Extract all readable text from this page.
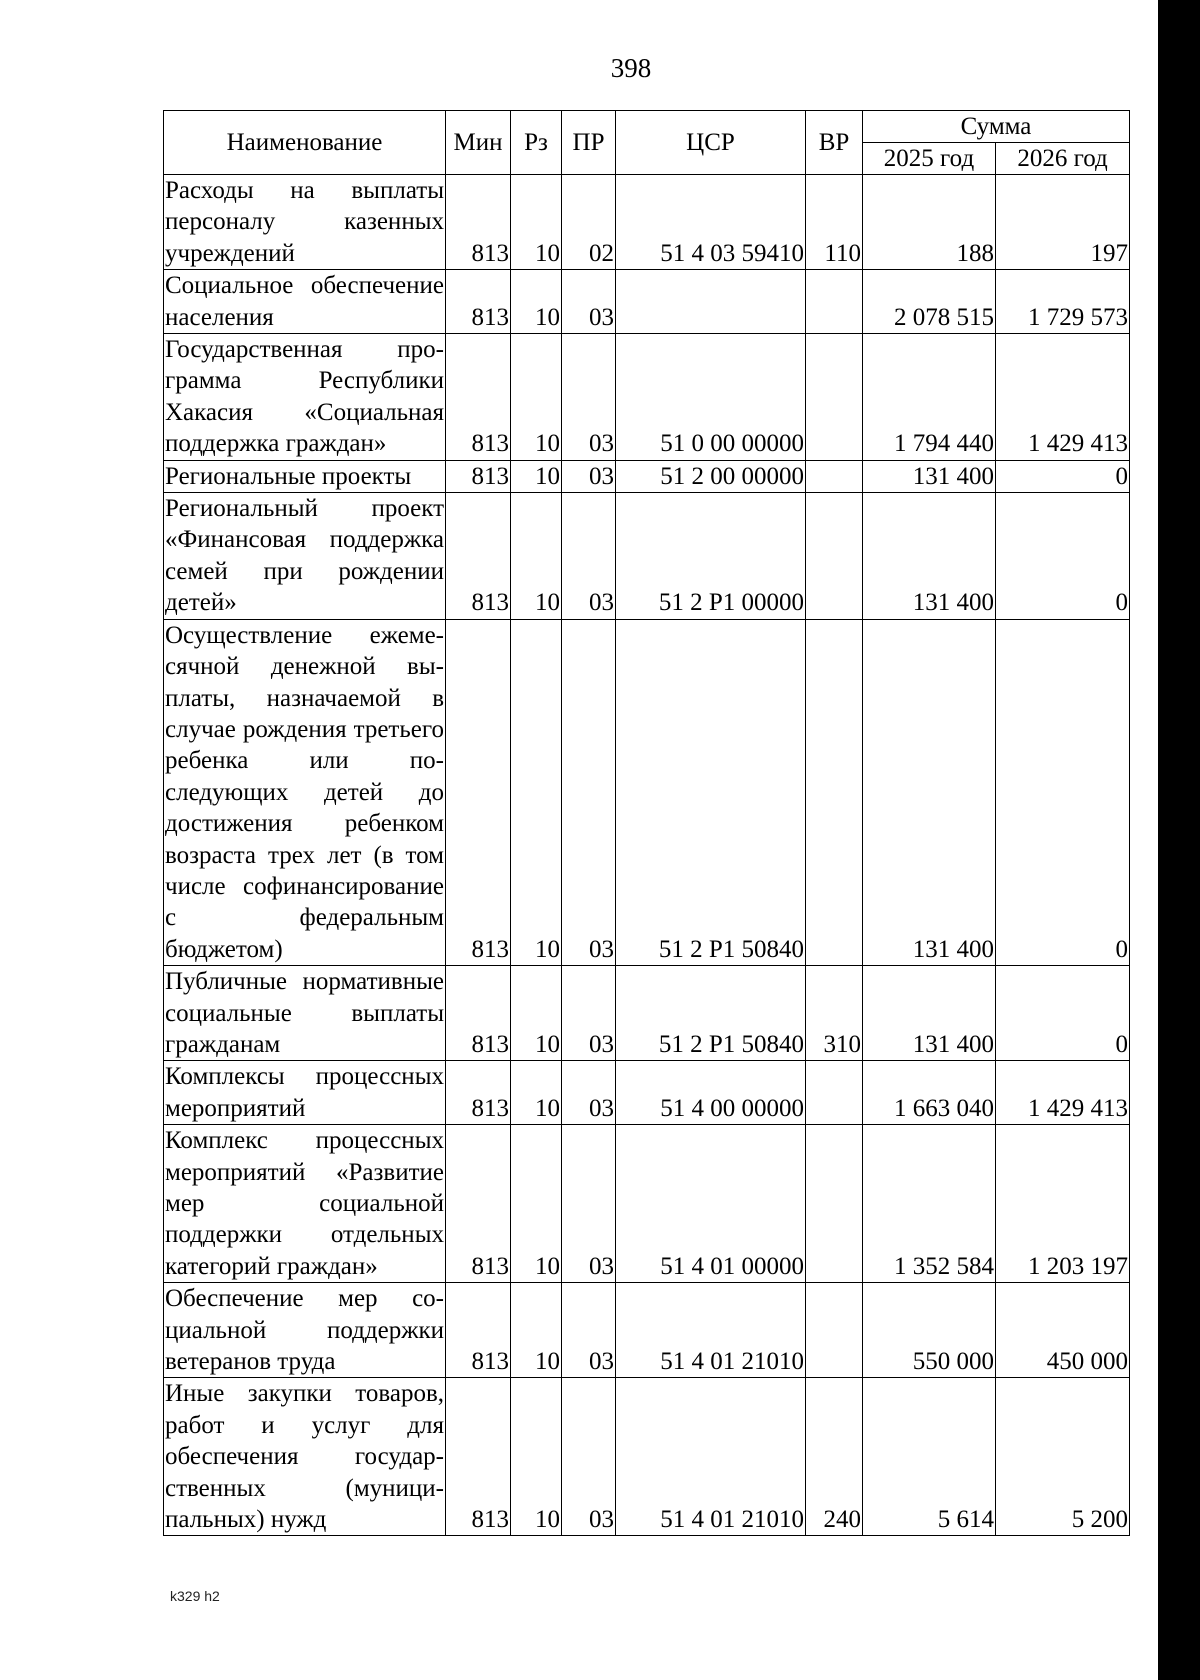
398
Наименование	Мин	Рз	ПР	ЦСР	ВР	Сумма	
						2025 год	2026 год
Расходы на выплаты персоналу казенных учреждений	813	10	02	51 4 03 59410	110	188	197
Социальное обеспечение населения	813	10	03			2 078 515	1 729 573
Государственная программа Республики Хакасия «Социальная поддержка граждан»	813	10	03	51 0 00 00000		1 794 440	1 429 413
Региональные проекты	813	10	03	51 2 00 00000		131 400	0
Региональный проект «Финансовая поддержка семей при рождении детей»	813	10	03	51 2 P1 00000		131 400	0
Осуществление ежемесячной денежной выплаты, назначаемой в случае рождения третьего ребенка или последующих детей до достижения ребенком возраста трех лет (в том числе софинансирование с федеральным бюджетом)	813	10	03	51 2 P1 50840		131 400	0
Публичные нормативные социальные выплаты гражданам	813	10	03	51 2 P1 50840	310	131 400	0
Комплексы процессных мероприятий	813	10	03	51 4 00 00000		1 663 040	1 429 413
Комплекс процессных мероприятий «Развитие мер социальной поддержки отдельных категорий граждан»	813	10	03	51 4 01 00000		1 352 584	1 203 197
Обеспечение мер социальной поддержки ветеранов труда	813	10	03	51 4 01 21010		550 000	450 000
Иные закупки товаров, работ и услуг для обеспечения государственных (муниципальных) нужд	813	10	03	51 4 01 21010	240	5 614	5 200
k329 h2
